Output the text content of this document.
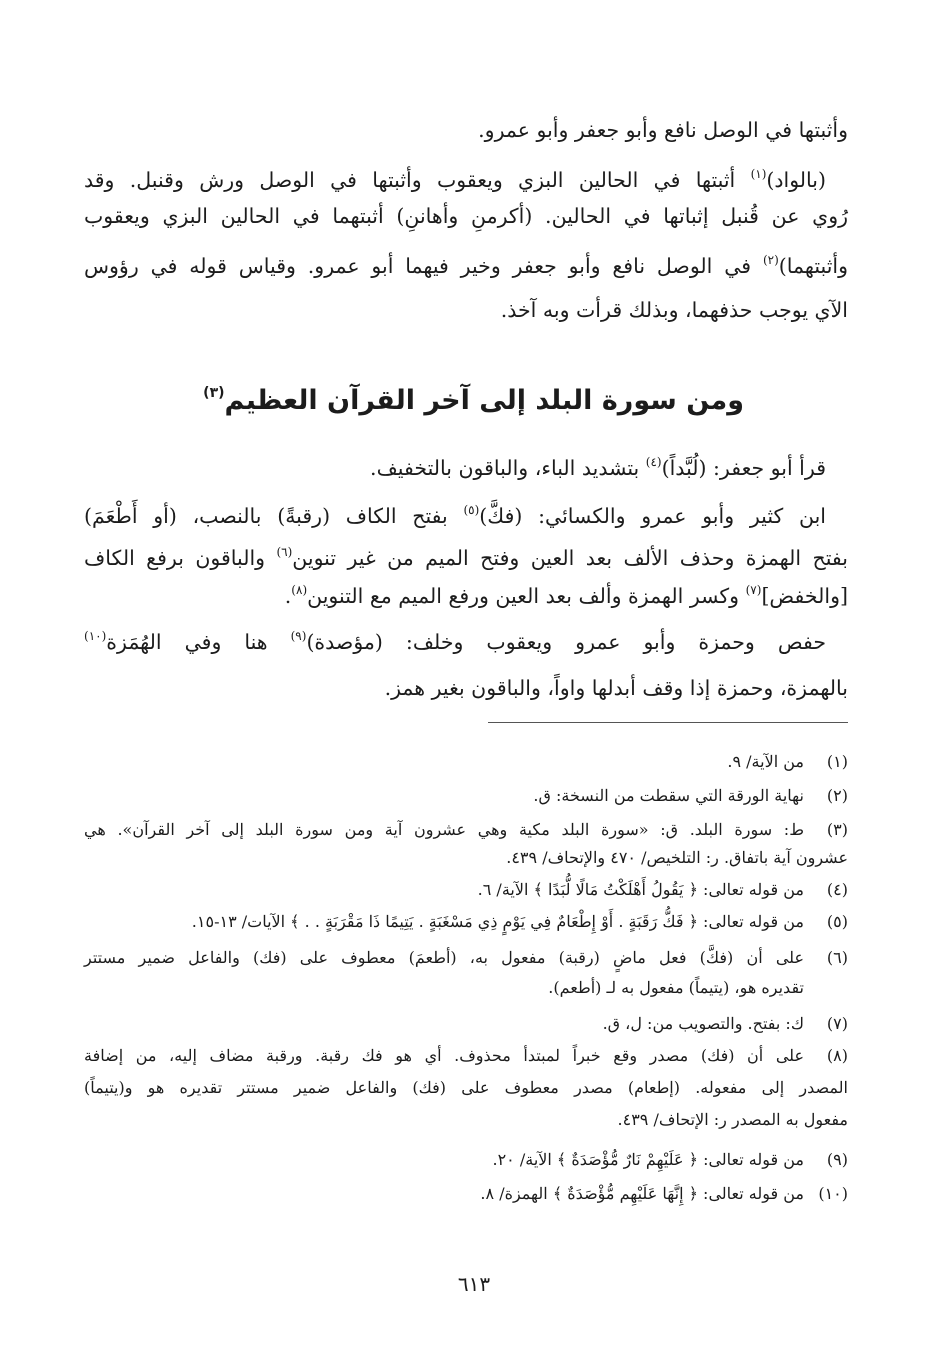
وأثبتها في الوصل نافع وأبو جعفر وأبو عمرو.
(بالواد)$^{(١)}$ أثبتها في الحالين البزي ويعقوب وأثبتها في الوصل ورش وقنبل. وقد
رُوي عن قُنبل إثباتها في الحالين. (أكرمنِ وأهاننِ) أثبتهما في الحالين البزي ويعقوب
وأثبتهما)$^{(٢)}$ في الوصل نافع وأبو جعفر وخير فيهما أبو عمرو. وقياس قوله في رؤوس
الآي يوجب حذفهما، وبذلك قرأت وبه آخذ.
ومن سورة البلد إلى آخر القرآن العظيم$^{(٣)}$
قرأ أبو جعفر: (لُبَّداً)$^{(٤)}$ بتشديد الباء، والباقون بالتخفيف.
ابن كثير وأبو عمرو والكسائي: (فكَّ)$^{(٥)}$ بفتح الكاف (رقبةً) بالنصب، (أو أَطْعَمَ)
بفتح الهمزة وحذف الألف بعد العين وفتح الميم من غير تنوين$^{(٦)}$ والباقون برفع الكاف
[والخفض]$^{(٧)}$ وكسر الهمزة وألف بعد العين ورفع الميم مع التنوين$^{(٨)}$.
حفص وحمزة وأبو عمرو ويعقوب وخلف: (مؤصدة)$^{(٩)}$ هنا وفي الهُمَزة$^{(١٠)}$
بالهمزة، وحمزة إذا وقف أبدلها واواً، والباقون بغير همز.
(١)
من الآية/ ٩.
(٢)
نهاية الورقة التي سقطت من النسخة: ق.
(٣)
ط: سورة البلد. ق: «سورة البلد مكية وهي عشرون آية ومن سورة البلد إلى آخر القرآن». هي
عشرون آية باتفاق. ر: التلخيص/ ٤٧٠ والإتحاف/ ٤٣٩.
(٤)
من قوله تعالى: ﴿ يَقُولُ أَهْلَكْتُ مَالًا لُّبَدًا ﴾ الآية/ ٦.
(٥)
من قوله تعالى: ﴿ فَكُّ رَقَبَةٍ . أَوْ إِطْعَامٌ فِي يَوْمٍ ذِي مَسْغَبَةٍ . يَتِيمًا ذَا مَقْرَبَةٍ . . ﴾ الآيات/ ١٣-١٥.
(٦)
على أن (فكَّ) فعل ماضٍ (رقبة) مفعول به، (أطعمَ) معطوف على (فك) والفاعل ضمير مستتر
تقديره هو، (يتيماً) مفعول به لـ (أطعم).
(٧)
ك: بفتح. والتصويب من: ل، ق.
(٨)
على أن (فك) مصدر وقع خبراً لمبتدأ محذوف. أي هو فك رقبة. ورقبة مضاف إليه، من إضافة
المصدر إلى مفعوله. (إطعام) مصدر معطوف على (فك) والفاعل ضمير مستتر تقديره هو و(يتيماً)
مفعول به المصدر ر: الإتحاف/ ٤٣٩.
(٩)
من قوله تعالى: ﴿ عَلَيْهِمْ نَارٌ مُّؤْصَدَةٌ ﴾ الآية/ ٢٠.
(١٠)
من قوله تعالى: ﴿ إِنَّهَا عَلَيْهِم مُّؤْصَدَةٌ ﴾ الهمزة/ ٨.
٦١٣
